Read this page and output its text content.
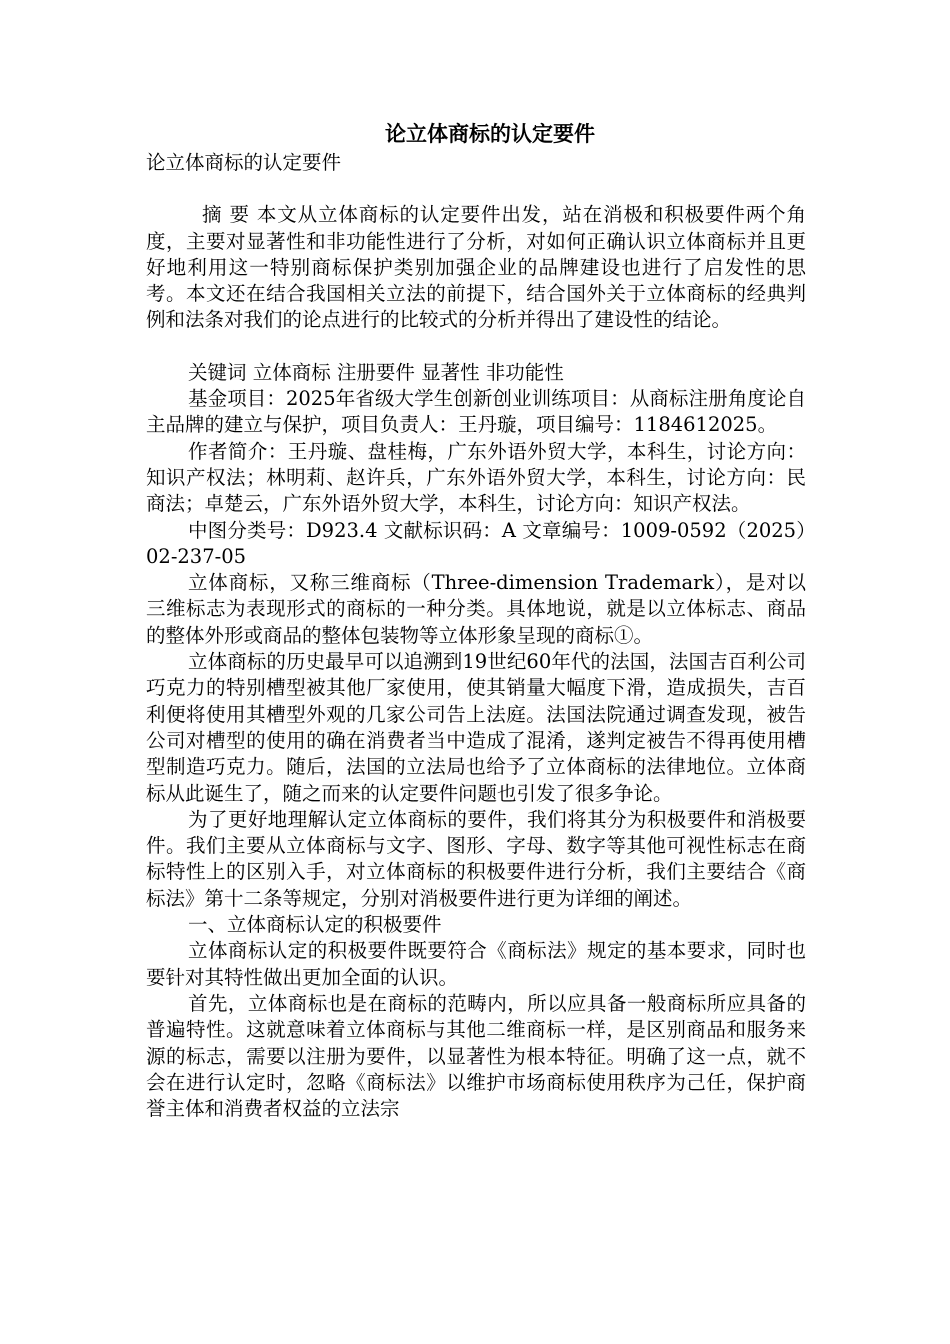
论立体商标的认定要件

论立体商标的认定要件

摘 要 本文从立体商标的认定要件出发，站在消极和积极要件两个角度，主要对显著性和非功能性进行了分析，对如何正确认识立体商标并且更好地利用这一特别商标保护类别加强企业的品牌建设也进行了启发性的思考。本文还在结合我国相关立法的前提下，结合国外关于立体商标的经典判例和法条对我们的论点进行的比较式的分析并得出了建设性的结论。

关键词 立体商标 注册要件 显著性 非功能性

基金项目：2025年省级大学生创新创业训练项目：从商标注册角度论自主品牌的建立与保护，项目负责人：王丹璇，项目编号：1184612025。

作者简介：王丹璇、盘桂梅，广东外语外贸大学，本科生，讨论方向：知识产权法；林明莉、赵许兵，广东外语外贸大学，本科生，讨论方向：民商法；卓楚云，广东外语外贸大学，本科生，讨论方向：知识产权法。

中图分类号：D923.4 文献标识码：A 文章编号：1009-0592（2025）02-237-05

立体商标，又称三维商标（Three-dimension Trademark），是对以三维标志为表现形式的商标的一种分类。具体地说，就是以立体标志、商品的整体外形或商品的整体包装物等立体形象呈现的商标①。

立体商标的历史最早可以追溯到19世纪60年代的法国，法国吉百利公司巧克力的特别槽型被其他厂家使用，使其销量大幅度下滑，造成损失，吉百利便将使用其槽型外观的几家公司告上法庭。法国法院通过调查发现，被告公司对槽型的使用的确在消费者当中造成了混淆，遂判定被告不得再使用槽型制造巧克力。随后，法国的立法局也给予了立体商标的法律地位。立体商标从此诞生了，随之而来的认定要件问题也引发了很多争论。

为了更好地理解认定立体商标的要件，我们将其分为积极要件和消极要件。我们主要从立体商标与文字、图形、字母、数字等其他可视性标志在商标特性上的区别入手，对立体商标的积极要件进行分析，我们主要结合《商标法》第十二条等规定，分别对消极要件进行更为详细的阐述。

一、立体商标认定的积极要件

立体商标认定的积极要件既要符合《商标法》规定的基本要求，同时也要针对其特性做出更加全面的认识。

首先，立体商标也是在商标的范畴内，所以应具备一般商标所应具备的普遍特性。这就意味着立体商标与其他二维商标一样，是区别商品和服务来源的标志，需要以注册为要件，以显著性为根本特征。明确了这一点，就不会在进行认定时，忽略《商标法》以维护市场商标使用秩序为己任，保护商誉主体和消费者权益的立法宗
